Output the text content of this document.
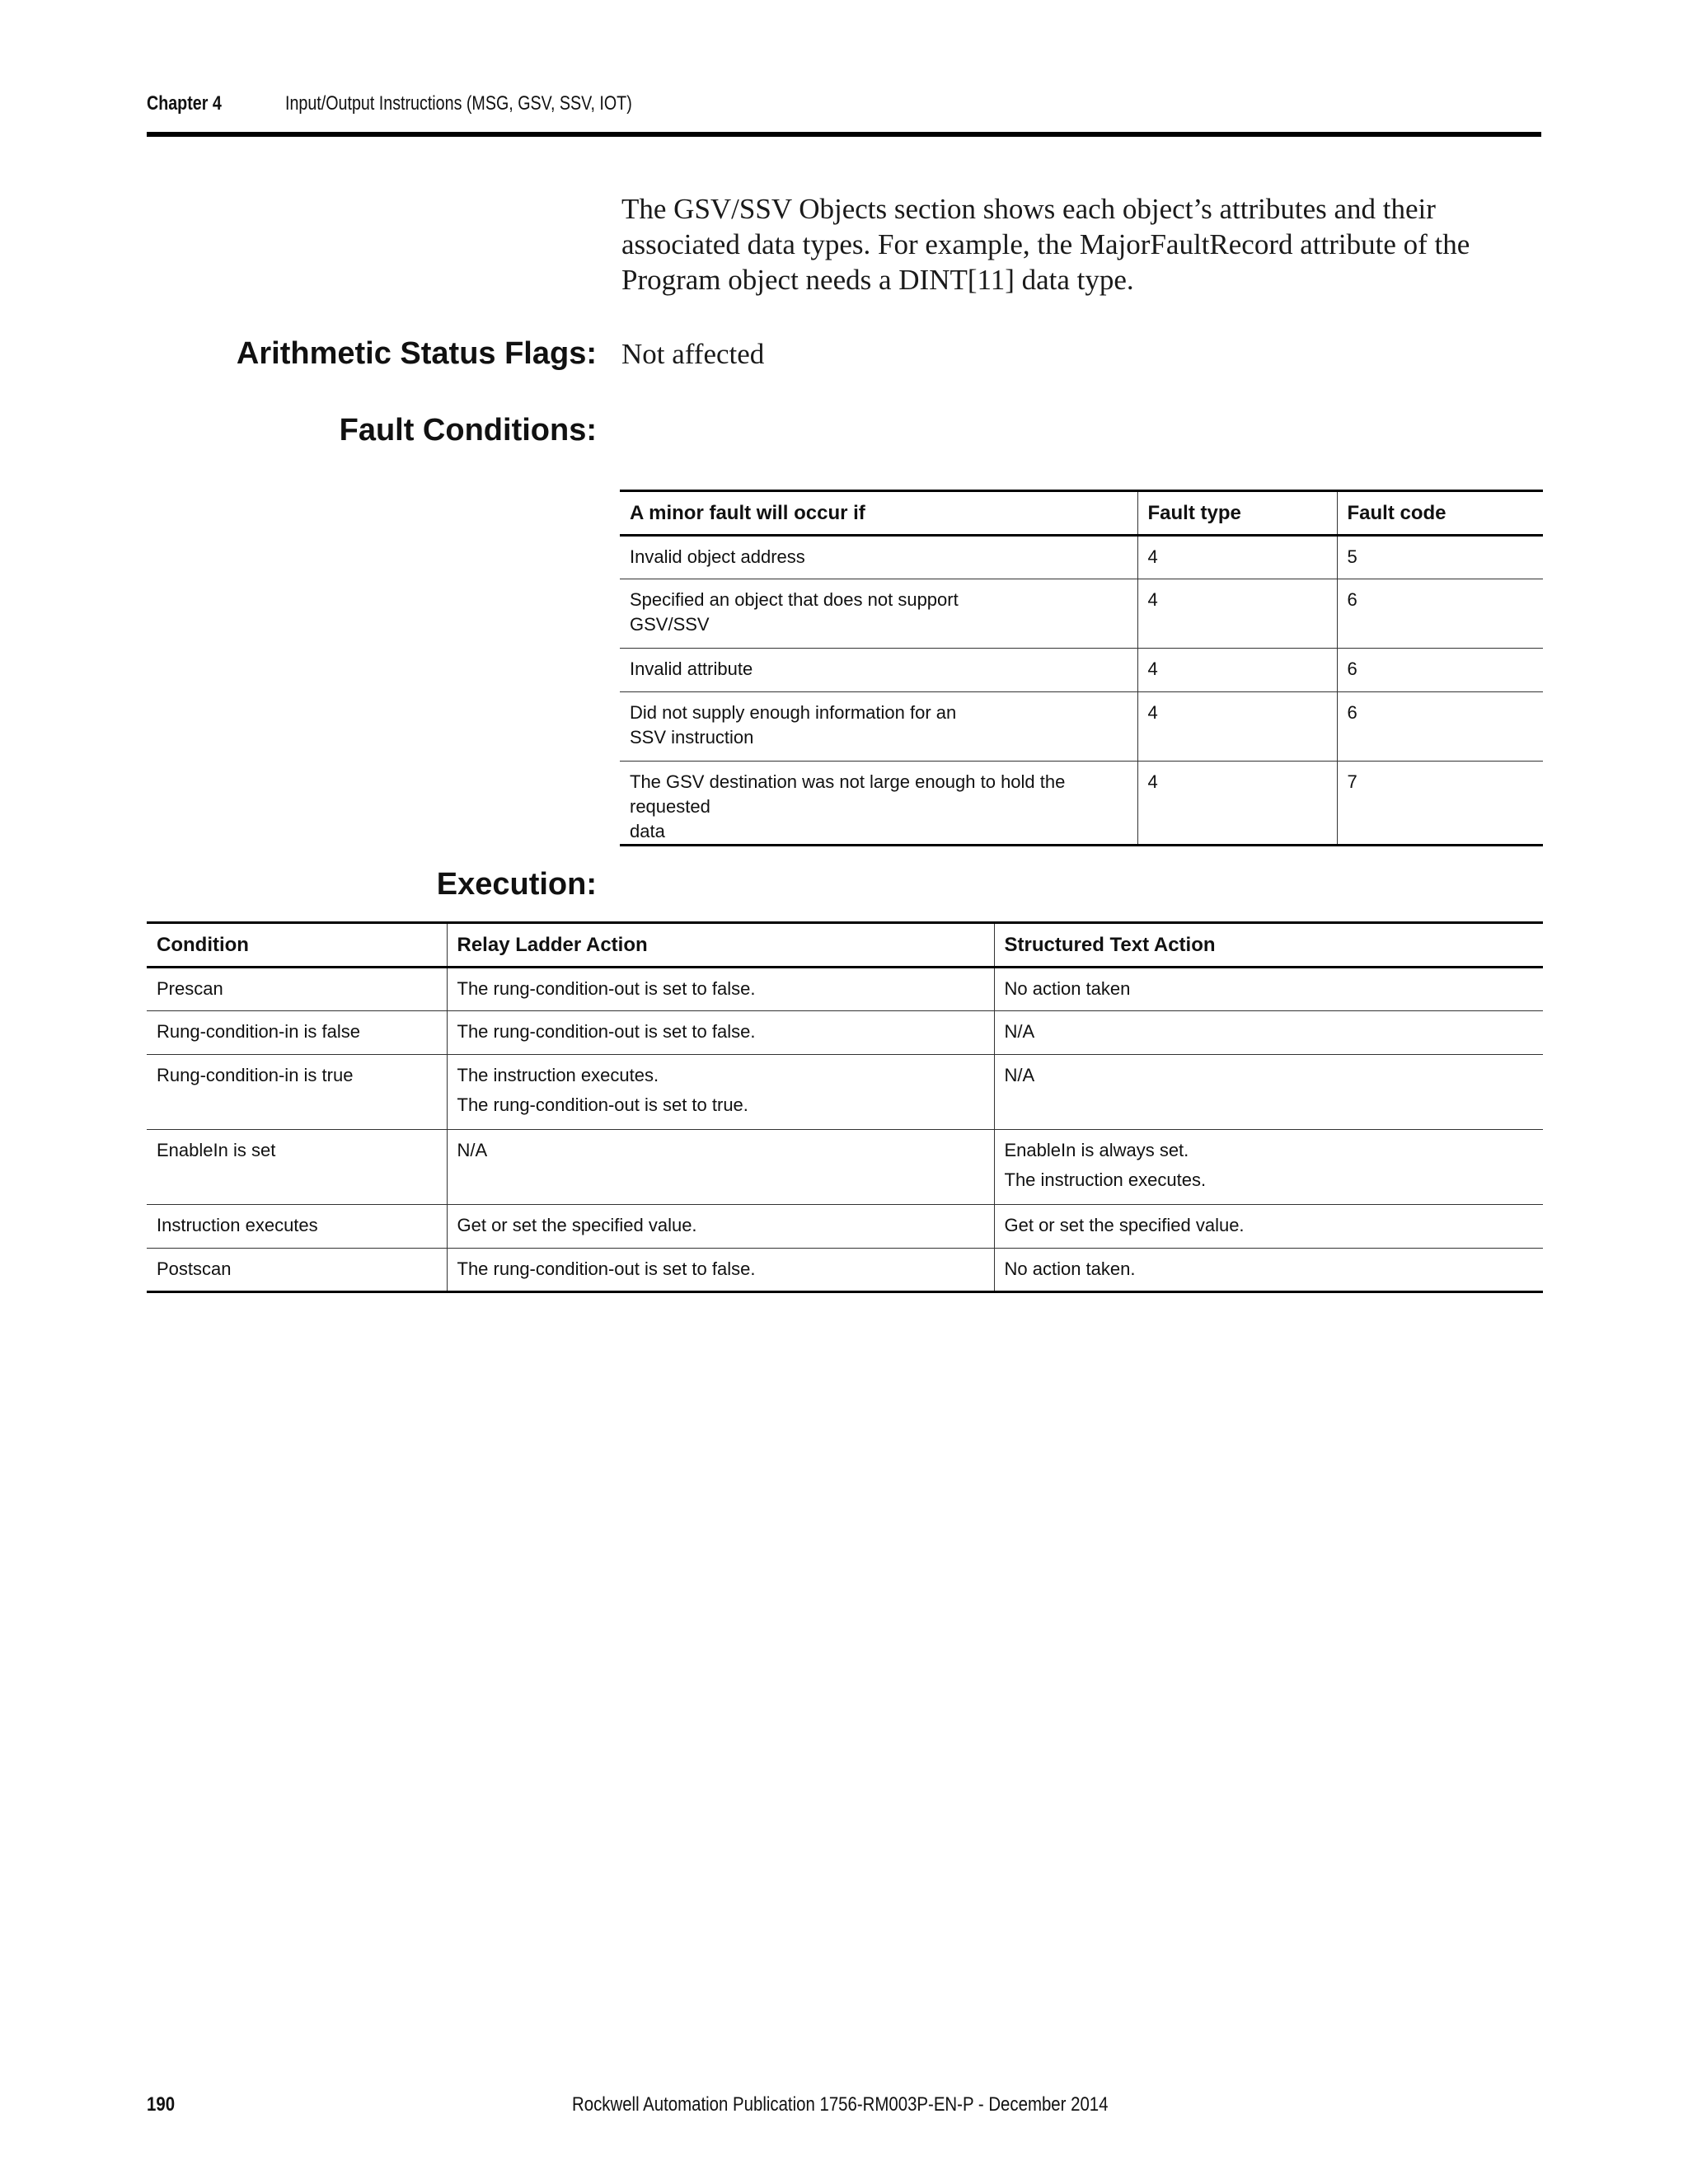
Chapter 4	Input/Output Instructions (MSG, GSV, SSV, IOT)

The GSV/SSV Objects section shows each object’s attributes and their associated data types. For example, the MajorFaultRecord attribute of the Program object needs a DINT[11] data type.

Arithmetic Status Flags: Not affected

Fault Conditions:
A minor fault will occur if	Fault type	Fault code

Invalid object address	4	5

Specified an object that does not support
GSV/SSV	4	6

Invalid attribute	4	6

Did not supply enough information for an
SSV instruction	4	6

The GSV destination was not large enough to hold the requested
data	4	7
Execution:
Condition	Relay Ladder Action	Structured Text Action
Prescan	The rung-condition-out is set to false.	No action taken

Rung-condition-in is false	The rung-condition-out is set to false.	N/A

Rung-condition-in is true	The instruction executes.
The rung-condition-out is set to true.	N/A

EnableIn is set	N/A	EnableIn is always set.
The instruction executes.

Instruction executes	Get or set the specified value.	Get or set the specified value.

Postscan	The rung-condition-out is set to false.	No action taken.
190	Rockwell Automation Publication 1756-RM003P-EN-P - December 2014
